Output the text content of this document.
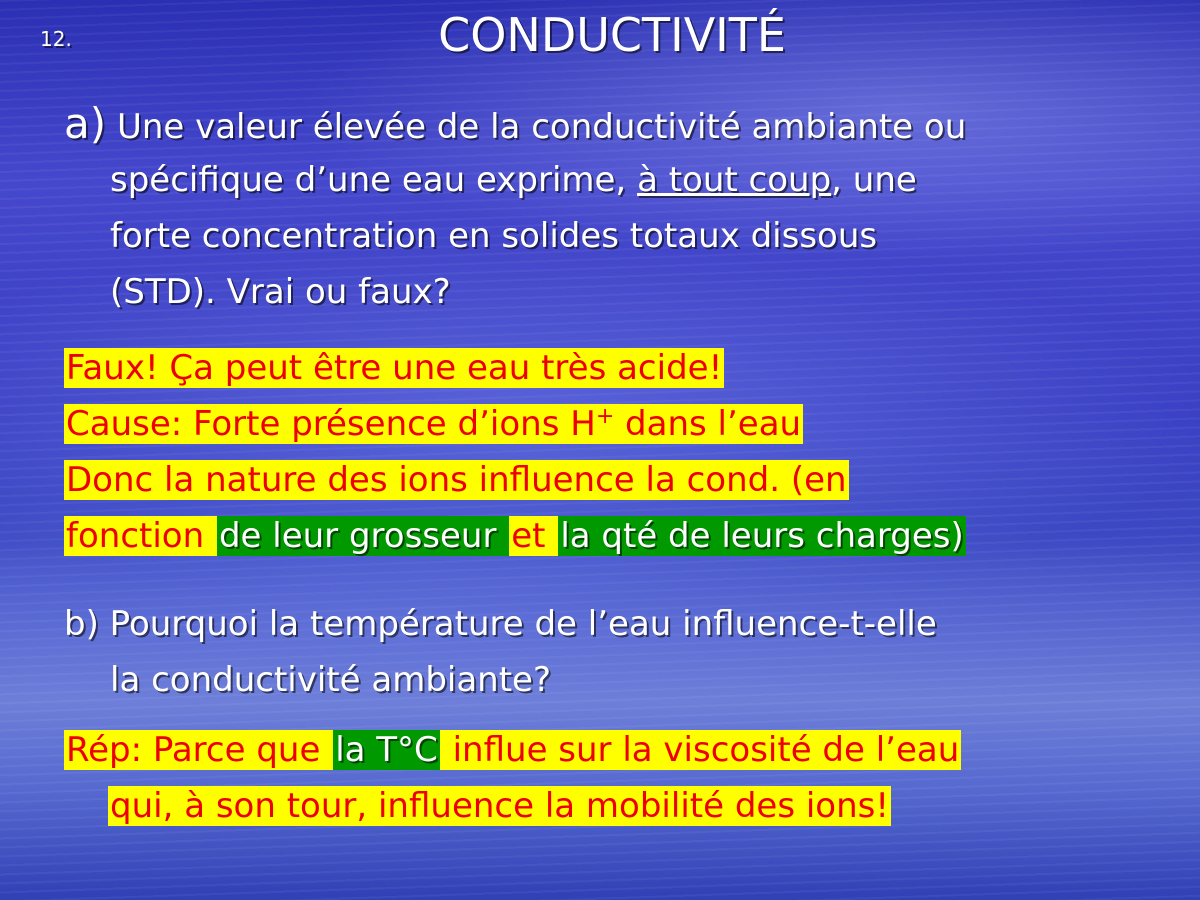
12.	CONDUCTIVITÉ
a) Une valeur élevée de la conductivité ambiante ou
spécifique d’une eau exprime, à tout coup, une
forte concentration en solides totaux dissous
(STD). Vrai ou faux?
Faux! Ça peut être une eau très acide!
Cause: Forte présence d’ions H+ dans l’eau
Donc la nature des ions influence la cond. (en
fonction de leur grosseur et la qté de leurs charges)
b) Pourquoi la température de l’eau influence-t-elle
la conductivité ambiante?
Rép: Parce que la T°C influe sur la viscosité de l’eau
qui, à son tour, influence la mobilité des ions!
